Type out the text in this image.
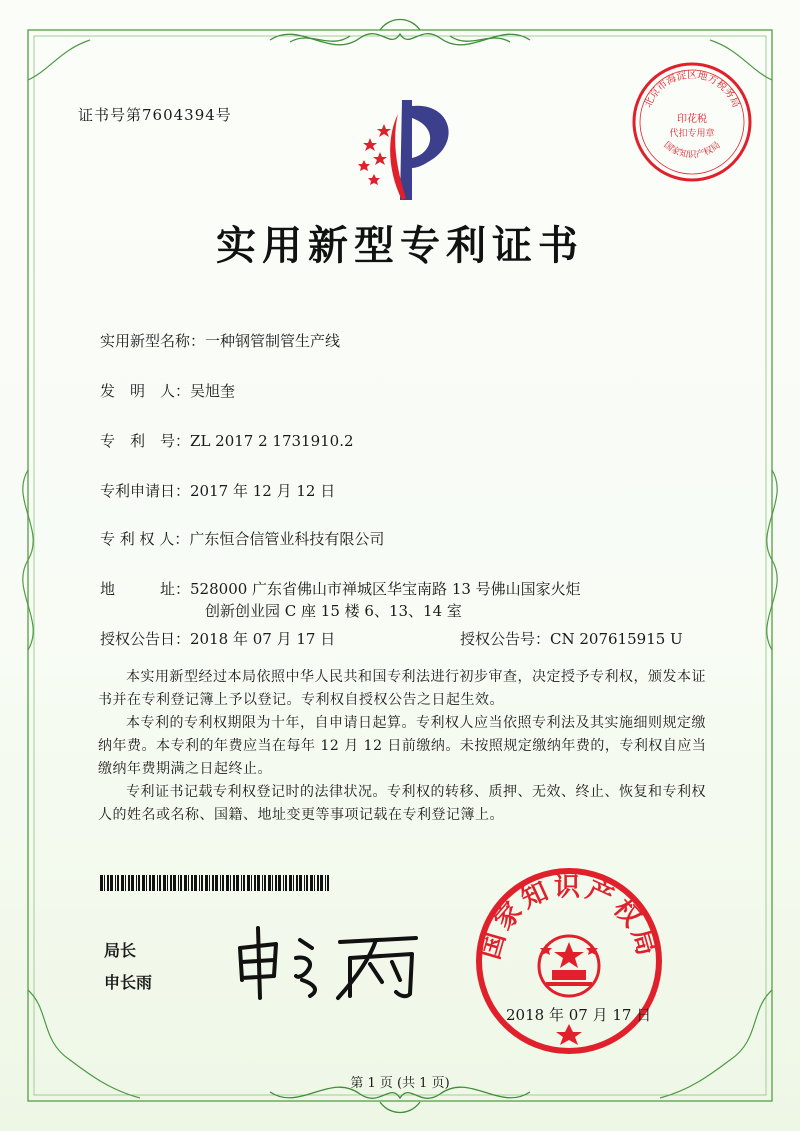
北京市海淀区地方税务局
印花税
代扣专用章
国家知识产权局
证书号第7604394号
实用新型专利证书
实用新型名称：一种钢管制管生产线
发　明　人：吴旭奎
专　利　号：ZL 2017 2 1731910.2
专利申请日：2017 年 12 月 12 日
专 利 权 人：广东恒合信管业科技有限公司
地　　　址：528000 广东省佛山市禅城区华宝南路 13 号佛山国家火炬
创新创业园 C 座 15 楼 6、13、14 室
授权公告日：2018 年 07 月 17 日	授权公告号：CN 207615915 U

本实用新型经过本局依照中华人民共和国专利法进行初步审查，决定授予专利权，颁发本证书并在专利登记簿上予以登记。专利权自授权公告之日起生效。

本专利的专利权期限为十年，自申请日起算。专利权人应当依照专利法及其实施细则规定缴纳年费。本专利的年费应当在每年 12 月 12 日前缴纳。未按照规定缴纳年费的，专利权自应当缴纳年费期满之日起终止。

专利证书记载专利权登记时的法律状况。专利权的转移、质押、无效、终止、恢复和专利权人的姓名或名称、国籍、地址变更等事项记载在专利登记簿上。

局长
申长雨
国家知识产权局
2018 年 07 月 17 日
第 1 页 (共 1 页)
